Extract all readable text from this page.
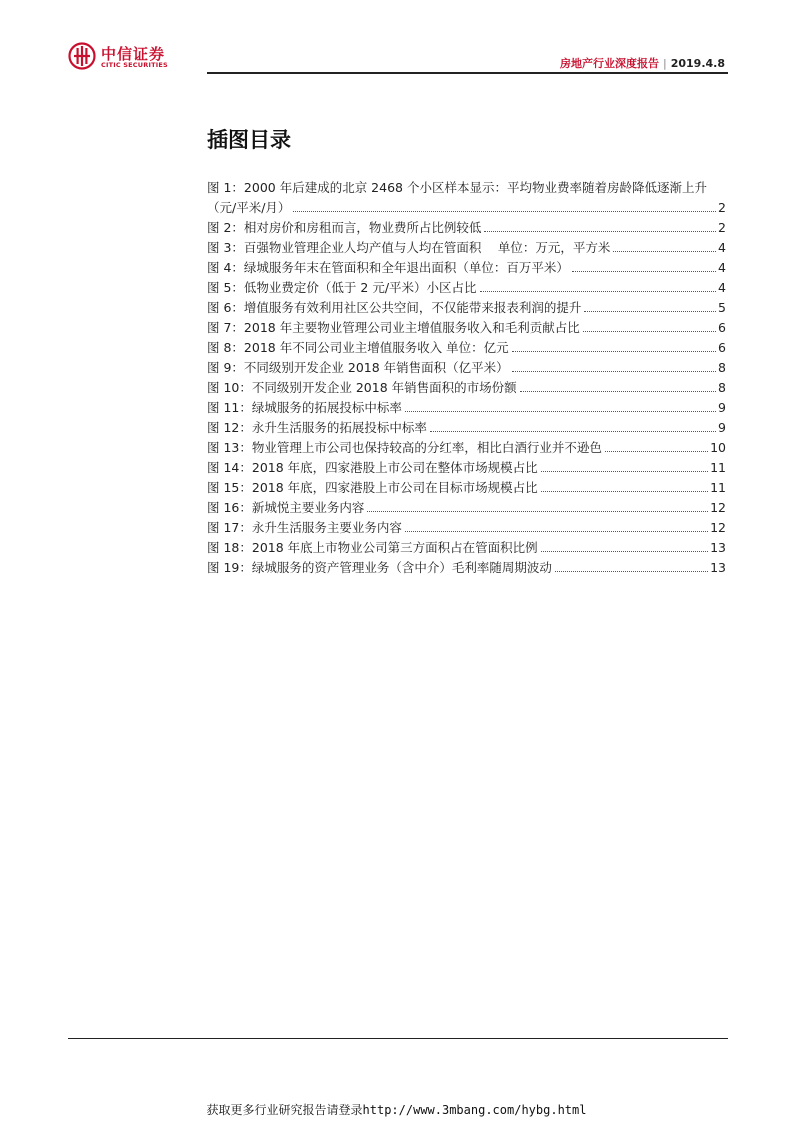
中信证券
CITIC SECURITIES	房地产行业深度报告 | 2019.4.8
插图目录
图 1：2000 年后建成的北京 2468 个小区样本显示：平均物业费率随着房龄降低逐渐上升
（元/平米/月）	2
图 2：相对房价和房租而言，物业费所占比例较低	2
图 3：百强物业管理企业人均产值与人均在管面积　 单位：万元，平方米	4
图 4：绿城服务年末在管面积和全年退出面积（单位：百万平米）	4
图 5：低物业费定价（低于 2 元/平米）小区占比	4
图 6：增值服务有效利用社区公共空间，不仅能带来报表利润的提升	5
图 7：2018 年主要物业管理公司业主增值服务收入和毛利贡献占比	6
图 8：2018 年不同公司业主增值服务收入 单位：亿元	6
图 9：不同级别开发企业 2018 年销售面积（亿平米）	8
图 10：不同级别开发企业 2018 年销售面积的市场份额	8
图 11：绿城服务的拓展投标中标率	9
图 12：永升生活服务的拓展投标中标率	9
图 13：物业管理上市公司也保持较高的分红率，相比白酒行业并不逊色	10
图 14：2018 年底，四家港股上市公司在整体市场规模占比	11
图 15：2018 年底，四家港股上市公司在目标市场规模占比	11
图 16：新城悦主要业务内容	12
图 17：永升生活服务主要业务内容	12
图 18：2018 年底上市物业公司第三方面积占在管面积比例	13
图 19：绿城服务的资产管理业务（含中介）毛利率随周期波动	13
获取更多行业研究报告请登录http://www.3mbang.com/hybg.html
